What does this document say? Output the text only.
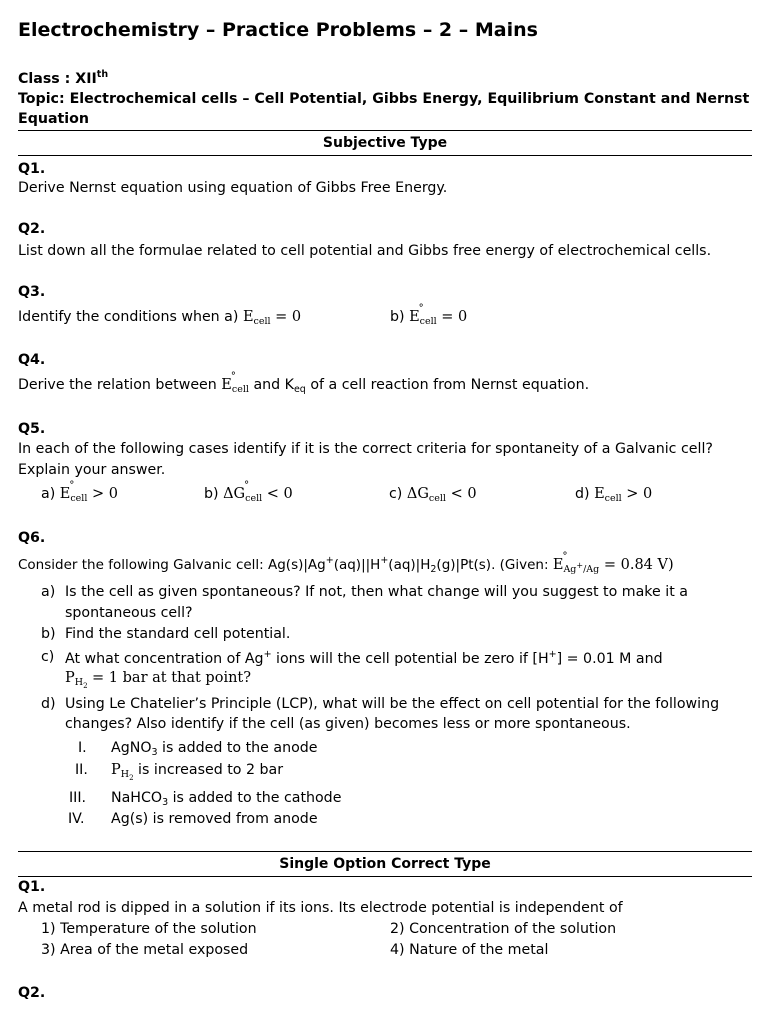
Electrochemistry – Practice Problems – 2 – Mains
Class : XIIth
Topic: Electrochemical cells – Cell Potential, Gibbs Energy, Equilibrium Constant and Nernst
Equation
Subjective Type
Q1.
Derive Nernst equation using equation of Gibbs Free Energy.
Q2.
List down all the formulae related to cell potential and Gibbs free energy of electrochemical cells.
Q3.
Identify the conditions when a) $E_{cell} = 0$	b) E
°
$_{cell}$ = 0
Q4.
Derive the relation between E
°
$_{cell}$ and $K_{eq}$ of a cell reaction from Nernst equation.
Q5.
In each of the following cases identify if it is the correct criteria for spontaneity of a Galvanic cell?
Explain your answer.
a) E
°
$_{cell}$ > 0	b) ΔG
°
$_{cell}$ < 0	c) $\Delta G_{cell} < 0$	d) $E_{cell} > 0$
Q6.
Consider the following Galvanic cell: $Ag(s)|Ag^+(aq)||H^+(aq)|H_2(g)|Pt(s)$. (Given: E
°
$_{Ag^+/Ag}$ = 0.84 V)
a) Is the cell as given spontaneous? If not, then what change will you suggest to make it a
spontaneous cell?
b) Find the standard cell potential.
c) At what concentration of Ag+ ions will the cell potential be zero if [H+] = 0.01 M and
$P_{H_2} = 1$ bar at that point?
d) Using Le Chatelier’s Principle (LCP), what will be the effect on cell potential for the following
changes? Also identify if the cell (as given) becomes less or more spontaneous.
I. AgNO$_3$ is added to the anode
II. $P_{H_2}$ is increased to 2 bar
III. NaHCO$_3$ is added to the cathode
IV. Ag(s) is removed from anode
Single Option Correct Type
Q1.
A metal rod is dipped in a solution if its ions. Its electrode potential is independent of
1) Temperature of the solution	2) Concentration of the solution
3) Area of the metal exposed	4) Nature of the metal
Q2.
